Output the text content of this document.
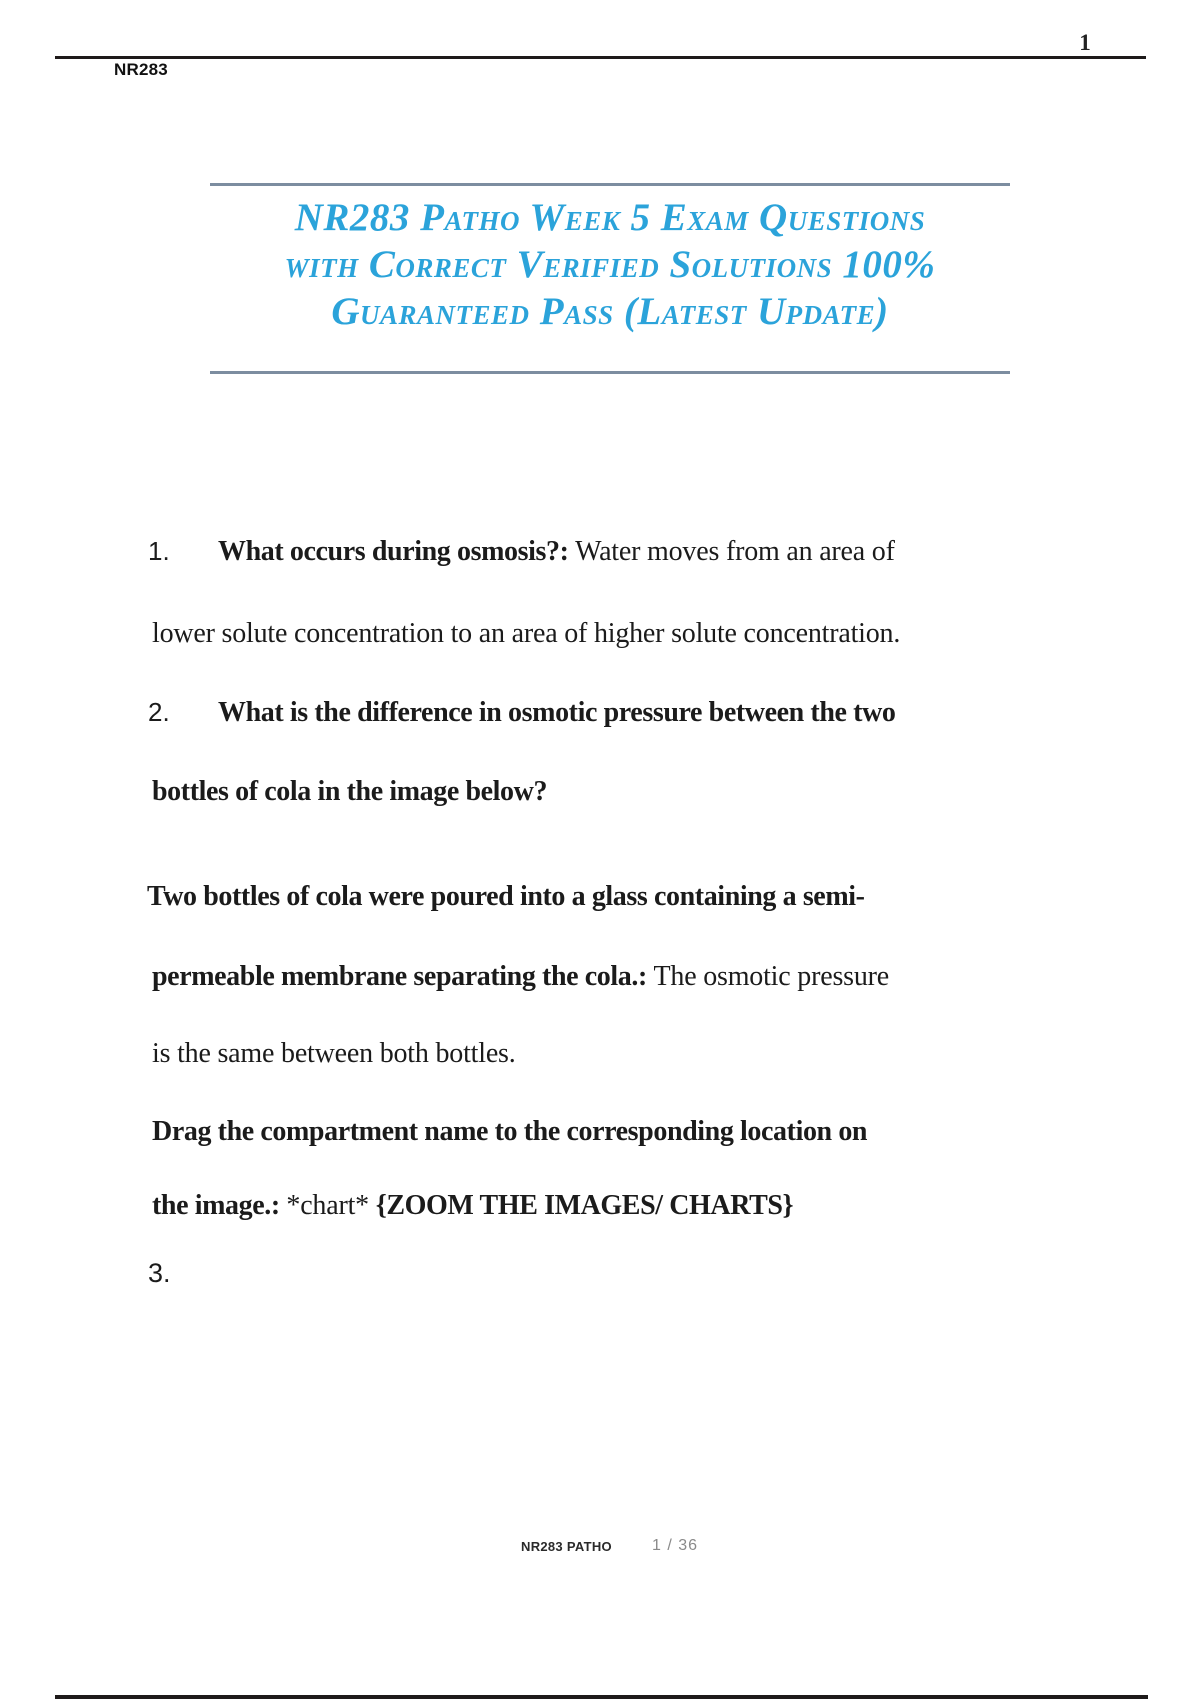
1
NR283
NR283 Patho Week 5 Exam Questions
with Correct Verified Solutions 100%
Guaranteed Pass (Latest Update)
1. What occurs during osmosis?: Water moves from an area of
lower solute concentration to an area of higher solute concentration.
2. What is the difference in osmotic pressure between the two
bottles of cola in the image below?
Two bottles of cola were poured into a glass containing a semi-
permeable membrane separating the cola.: The osmotic pressure
is the same between both bottles.
Drag the compartment name to the corresponding location on
the image.: *chart* {ZOOM THE IMAGES/ CHARTS}
3.
NR283 PATHO	1 / 36
